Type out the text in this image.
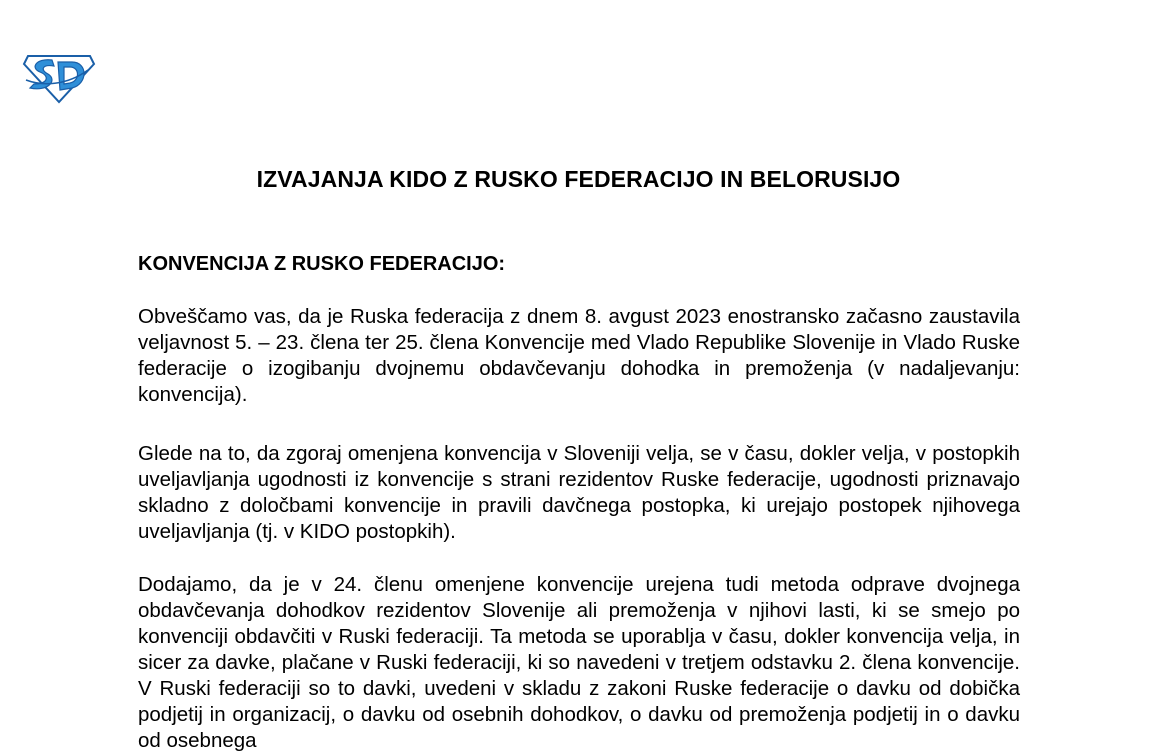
IZVAJANJA KIDO Z RUSKO FEDERACIJO IN BELORUSIJO
KONVENCIJA Z RUSKO FEDERACIJO:

Obveščamo vas, da je Ruska federacija z dnem 8. avgust 2023 enostransko začasno zaustavila veljavnost 5. – 23. člena ter 25. člena Konvencije med Vlado Republike Slovenije in Vlado Ruske federacije o izogibanju dvojnemu obdavčevanju dohodka in premoženja (v nadaljevanju: konvencija).

Glede na to, da zgoraj omenjena konvencija v Sloveniji velja, se v času, dokler velja, v postopkih uveljavljanja ugodnosti iz konvencije s strani rezidentov Ruske federacije, ugodnosti priznavajo skladno z določbami konvencije in pravili davčnega postopka, ki urejajo postopek njihovega uveljavljanja (tj. v KIDO postopkih).

Dodajamo, da je v 24. členu omenjene konvencije urejena tudi metoda odprave dvojnega obdavčevanja dohodkov rezidentov Slovenije ali premoženja v njihovi lasti, ki se smejo po konvenciji obdavčiti v Ruski federaciji. Ta metoda se uporablja v času, dokler konvencija velja, in sicer za davke, plačane v Ruski federaciji, ki so navedeni v tretjem odstavku 2. člena konvencije. V Ruski federaciji so to davki, uvedeni v skladu z zakoni Ruske federacije o davku od dobička podjetij in organizacij, o davku od osebnih dohodkov, o davku od premoženja podjetij in o davku od osebnega
